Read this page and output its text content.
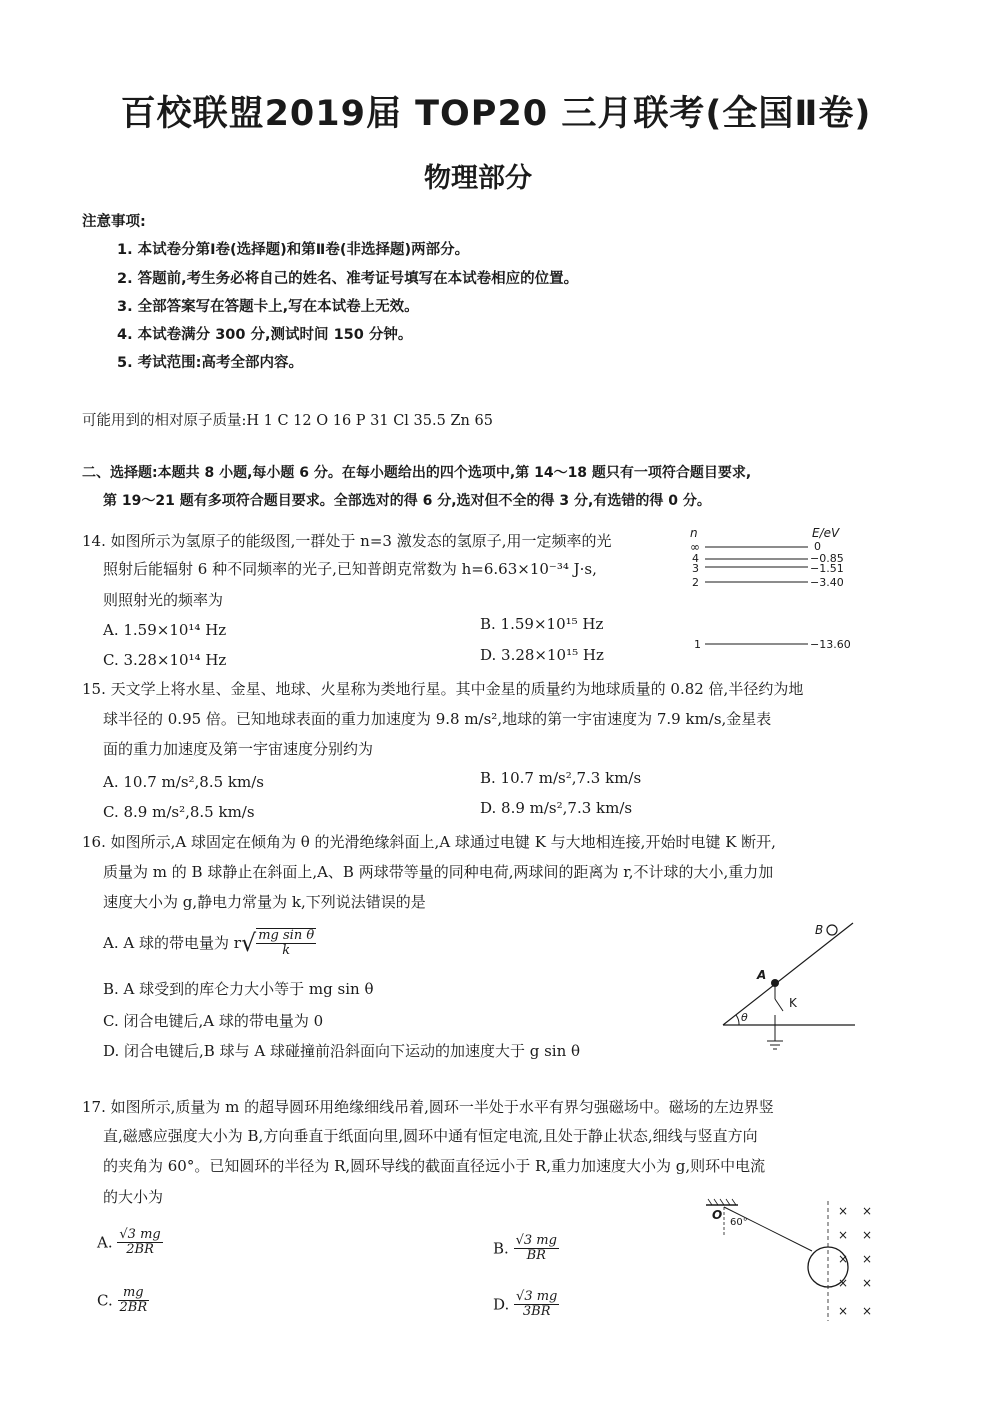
百校联盟2019届 TOP20 三月联考(全国Ⅱ卷)
物理部分
注意事项:
1. 本试卷分第Ⅰ卷(选择题)和第Ⅱ卷(非选择题)两部分。
2. 答题前,考生务必将自己的姓名、准考证号填写在本试卷相应的位置。
3. 全部答案写在答题卡上,写在本试卷上无效。
4. 本试卷满分 300 分,测试时间 150 分钟。
5. 考试范围:高考全部内容。
可能用到的相对原子质量:H 1 C 12 O 16 P 31 Cl 35.5 Zn 65
二、选择题:本题共 8 小题,每小题 6 分。在每小题给出的四个选项中,第 14～18 题只有一项符合题目要求,
第 19～21 题有多项符合题目要求。全部选对的得 6 分,选对但不全的得 3 分,有选错的得 0 分。
14. 如图所示为氢原子的能级图,一群处于 n=3 激发态的氢原子,用一定频率的光
照射后能辐射 6 种不同频率的光子,已知普朗克常数为 h=6.63×10⁻³⁴ J·s,
则照射光的频率为
A. 1.59×10¹⁴ Hz	B. 1.59×10¹⁵ Hz
C. 3.28×10¹⁴ Hz	D. 3.28×10¹⁵ Hz
n	E/eV
∞
4
3
2
1
0
−0.85
−1.51
−3.40
−13.60
15. 天文学上将水星、金星、地球、火星称为类地行星。其中金星的质量约为地球质量的 0.82 倍,半径约为地
球半径的 0.95 倍。已知地球表面的重力加速度为 9.8 m/s²,地球的第一宇宙速度为 7.9 km/s,金星表
面的重力加速度及第一宇宙速度分别约为
A. 10.7 m/s²,8.5 km/s	B. 10.7 m/s²,7.3 km/s
C. 8.9 m/s²,8.5 km/s	D. 8.9 m/s²,7.3 km/s
16. 如图所示,A 球固定在倾角为 θ 的光滑绝缘斜面上,A 球通过电键 K 与大地相连接,开始时电键 K 断开,
质量为 m 的 B 球静止在斜面上,A、B 两球带等量的同种电荷,两球间的距离为 r,不计球的大小,重力加
速度大小为 g,静电力常量为 k,下列说法错误的是
A. A 球的带电量为 $r√ \frac{\text{mg sin θ}}{k}$
B. A 球受到的库仑力大小等于 mg sin θ
C. 闭合电键后,A 球的带电量为 0
D. 闭合电键后,B 球与 A 球碰撞前沿斜面向下运动的加速度大于 g sin θ
B
A
K
θ
17. 如图所示,质量为 m 的超导圆环用绝缘细线吊着,圆环一半处于水平有界匀强磁场中。磁场的左边界竖
直,磁感应强度大小为 B,方向垂直于纸面向里,圆环中通有恒定电流,且处于静止状态,细线与竖直方向
的夹角为 60°。已知圆环的半径为 R,圆环导线的截面直径远小于 R,重力加速度大小为 g,则环中电流
的大小为
A. $\frac{√3 mg}{2BR}$	B. $\frac{√3 mg}{BR}$
C. $\frac{mg}{2BR}$	D. $\frac{√3 mg}{3BR}$
O
60°
× ×
× ×
× ×
× ×
× ×
